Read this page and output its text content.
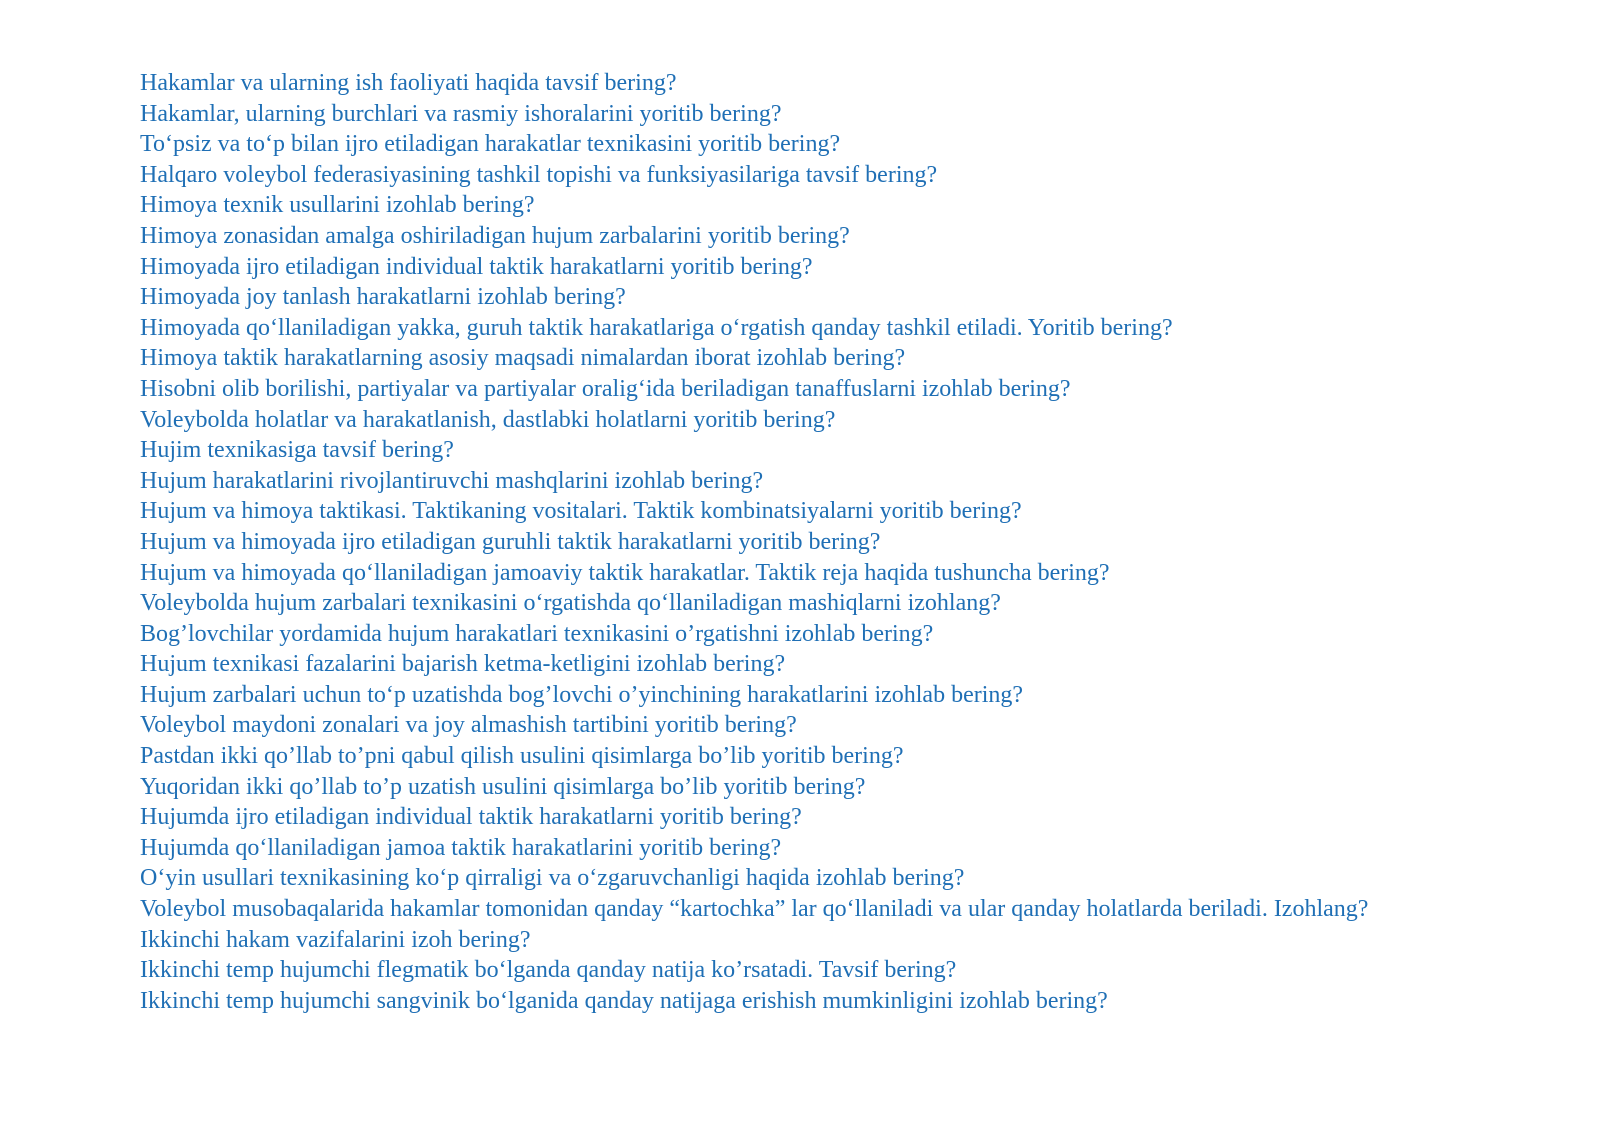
Hakamlar va ularning ish faoliyati haqida tavsif bering?
Hakamlar, ularning burchlari va rasmiy ishoralarini yoritib bering?
To‘psiz va to‘p bilan ijro etiladigan harakatlar texnikasini yoritib bering?
Halqaro voleybol federasiyasining tashkil topishi va funksiyasilariga tavsif bering?
Himoya texnik usullarini izohlab bering?
Himoya zonasidan amalga oshiriladigan hujum zarbalarini yoritib bering?
Himoyada ijro etiladigan individual taktik harakatlarni yoritib bering?
Himoyada joy tanlash harakatlarni izohlab bering?
Himoyada qo‘llaniladigan yakka, guruh taktik harakatlariga o‘rgatish qanday tashkil etiladi. Yoritib bering?
Himoya taktik harakatlarning asosiy maqsadi nimalardan iborat izohlab bering?
Hisobni olib borilishi, partiyalar va partiyalar oralig‘ida beriladigan tanaffuslarni izohlab bering?
Voleybolda holatlar va harakatlanish, dastlabki holatlarni yoritib bering?
Hujim texnikasiga tavsif bering?
Hujum harakatlarini rivojlantiruvchi mashqlarini izohlab bering?
Hujum va himoya taktikasi. Taktikaning vositalari. Taktik kombinatsiyalarni yoritib bering?
Hujum va himoyada ijro etiladigan guruhli taktik harakatlarni yoritib bering?
Hujum va himoyada qo‘llaniladigan jamoaviy taktik harakatlar. Taktik reja haqida tushuncha bering?
Voleybolda hujum zarbalari texnikasini o‘rgatishda qo‘llaniladigan mashiqlarni izohlang?
Bog’lovchilar yordamida hujum harakatlari texnikasini o’rgatishni izohlab bering?
Hujum texnikasi fazalarini bajarish ketma-ketligini izohlab bering?
Hujum zarbalari uchun to‘p uzatishda bog’lovchi o’yinchining harakatlarini izohlab bering?
Voleybol maydoni zonalari va joy almashish tartibini yoritib bering?
Pastdan ikki qo’llab to’pni qabul qilish usulini qisimlarga bo’lib yoritib bering?
Yuqoridan ikki qo’llab to’p uzatish usulini qisimlarga bo’lib yoritib bering?
Hujumda ijro etiladigan individual taktik harakatlarni yoritib bering?
Hujumda qo‘llaniladigan jamoa taktik harakatlarini yoritib bering?
O‘yin usullari texnikasining ko‘p qirraligi va o‘zgaruvchanligi haqida izohlab bering?
Voleybol musobaqalarida hakamlar tomonidan qanday “kartochka” lar qo‘llaniladi va ular qanday holatlarda beriladi. Izohlang?
Ikkinchi hakam vazifalarini izoh bering?
Ikkinchi temp hujumchi flegmatik bo‘lganda qanday natija ko’rsatadi. Tavsif bering?
Ikkinchi temp hujumchi sangvinik bo‘lganida qanday natijaga erishish mumkinligini izohlab bering?
